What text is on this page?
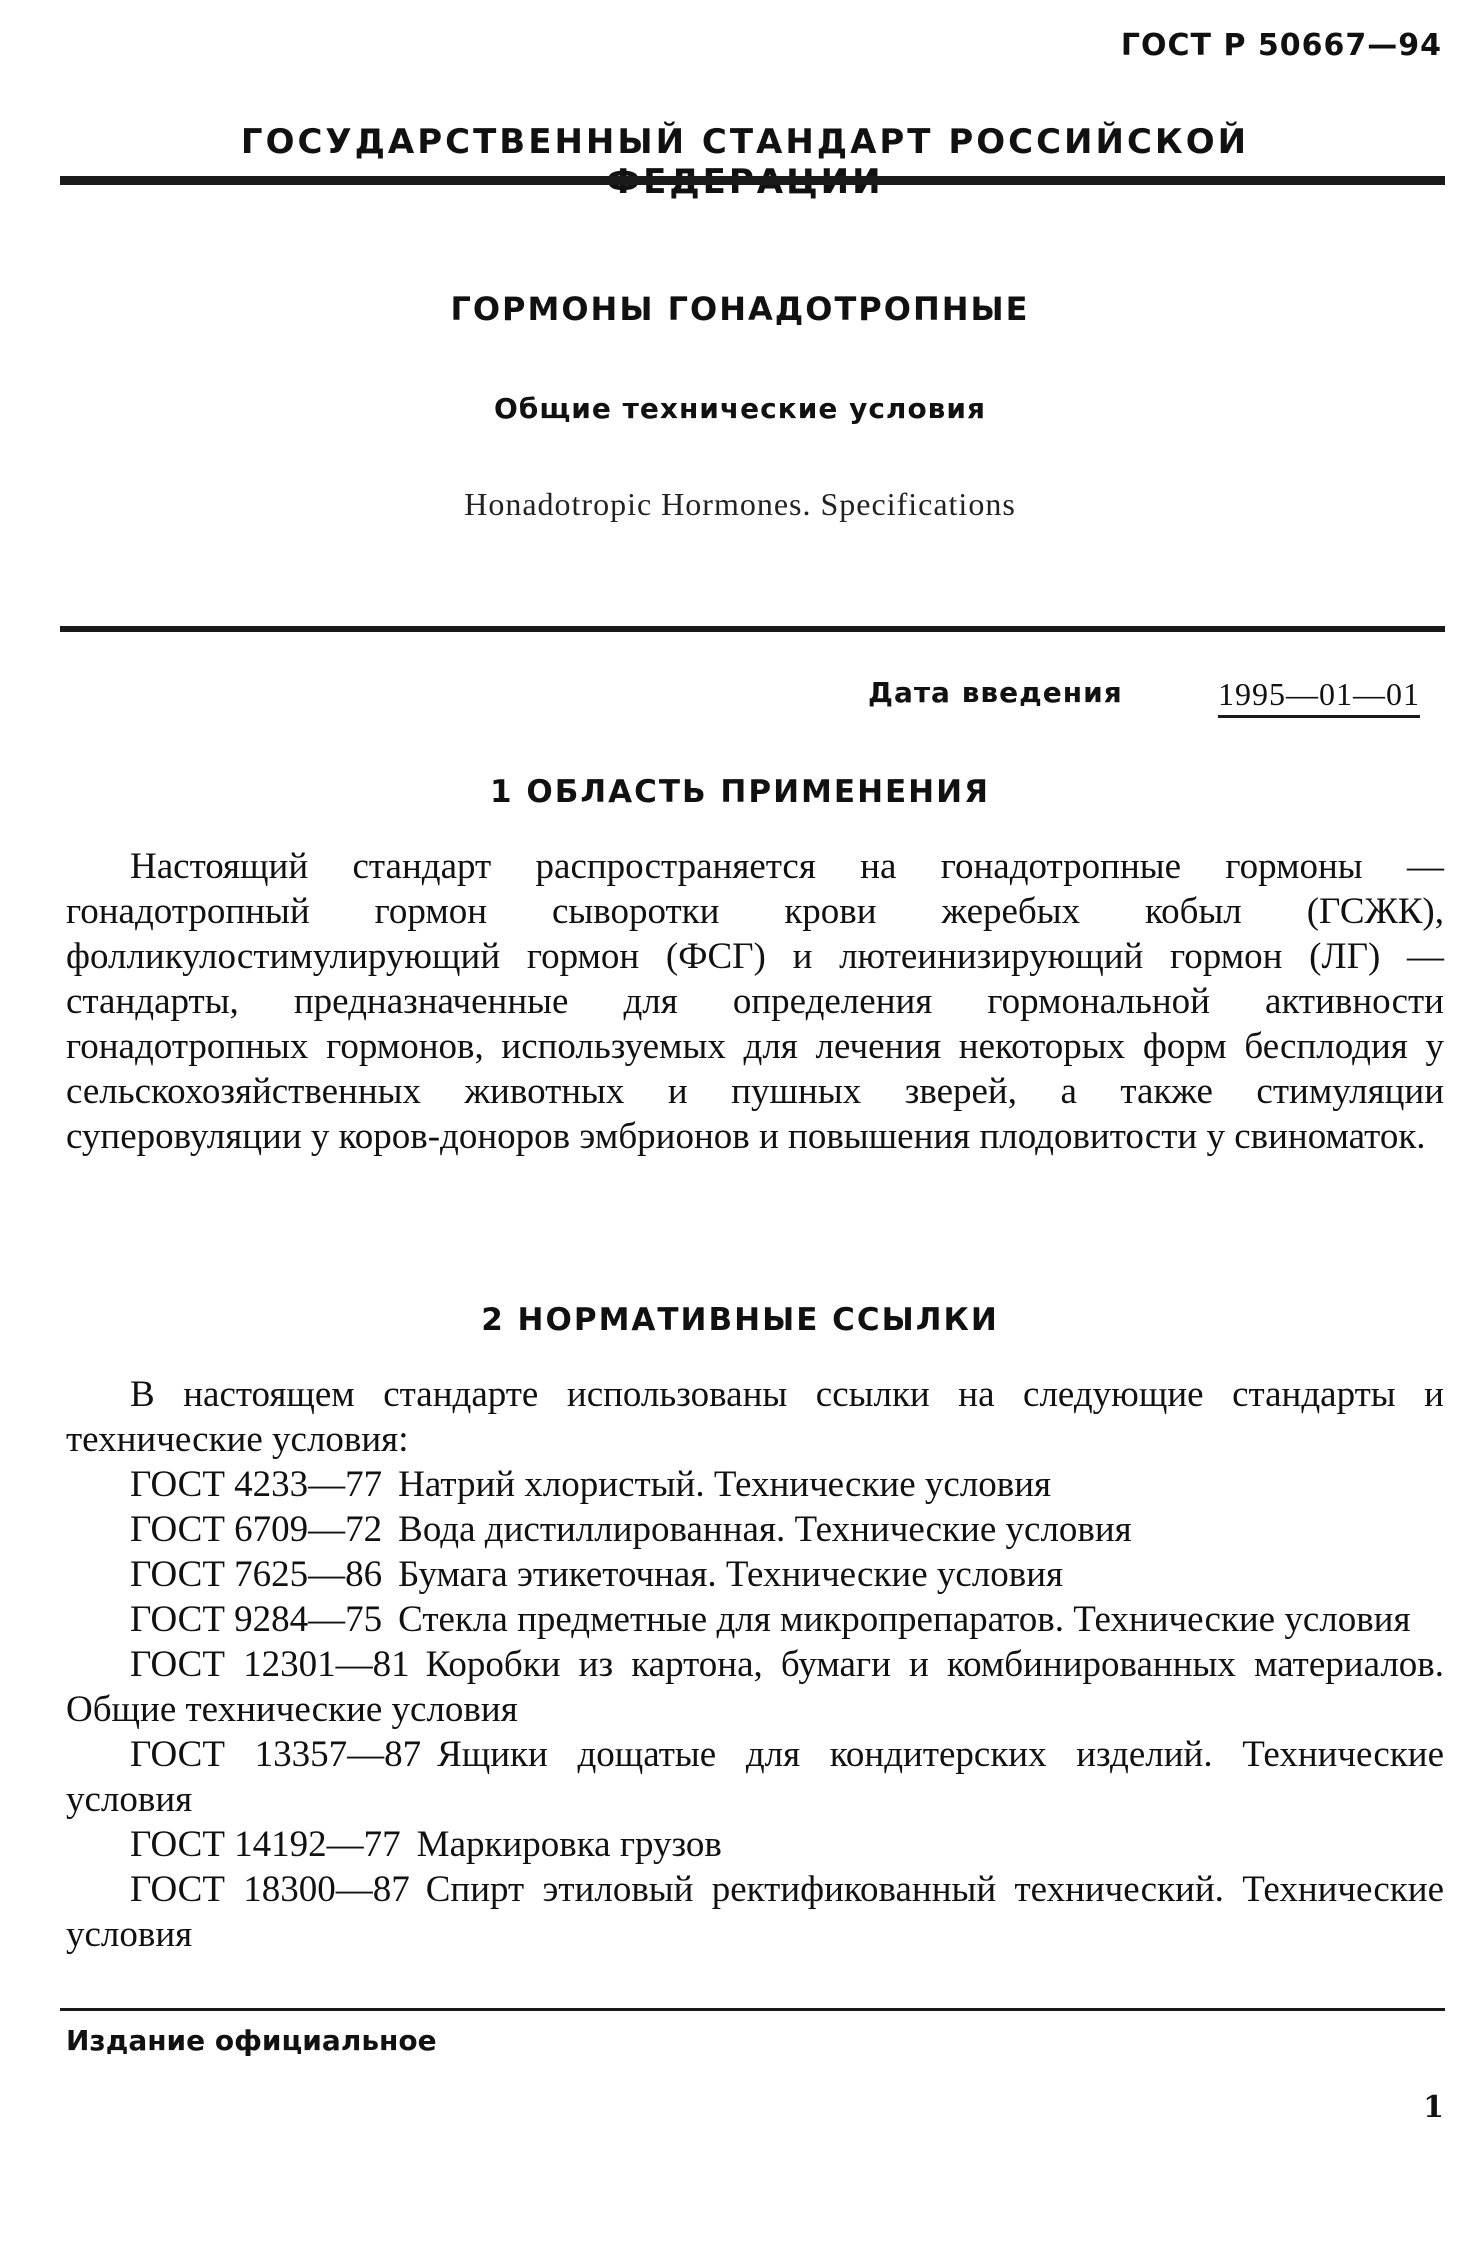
ГОСТ Р 50667—94
ГОСУДАРСТВЕННЫЙ СТАНДАРТ РОССИЙСКОЙ
ГОРМОНЫ ГОНАДОТРОПНЫЕ
Общие технические условия
Honadotropic Hormones. Specifications
Дата введения	1995—01—01
1 ОБЛАСТЬ ПРИМЕНЕНИЯ

Настоящий стандарт распространяется на гонадотропные гормоны — гонадотропный гормон сыворотки крови жеребых кобыл (ГСЖК), фолликулостимулирующий гормон (ФСГ) и лютеинизирующий гормон (ЛГ) — стандарты, предназначенные для определения гормональной активности гонадотропных гормонов, используемых для лечения некоторых форм бесплодия у сельскохозяйственных животных и пушных зверей, а также стимуляции суперовуляции у коров-доноров эмбрионов и повышения плодовитости у свиноматок.

2 НОРМАТИВНЫЕ ССЫЛКИ

В настоящем стандарте использованы ссылки на следующие стандарты и технические условия:

ГОСТ 4233—77 Натрий хлористый. Технические условия
ГОСТ 6709—72 Вода дистиллированная. Технические условия
ГОСТ 7625—86 Бумага этикеточная. Технические условия
ГОСТ 9284—75 Стекла предметные для микропрепаратов. Технические условия
ГОСТ 12301—81 Коробки из картона, бумаги и комбинированных материалов. Общие технические условия
ГОСТ 13357—87 Ящики дощатые для кондитерских изделий. Технические условия
ГОСТ 14192—77 Маркировка грузов
ГОСТ 18300—87 Спирт этиловый ректификованный технический. Технические условия
Издание официальное
1
